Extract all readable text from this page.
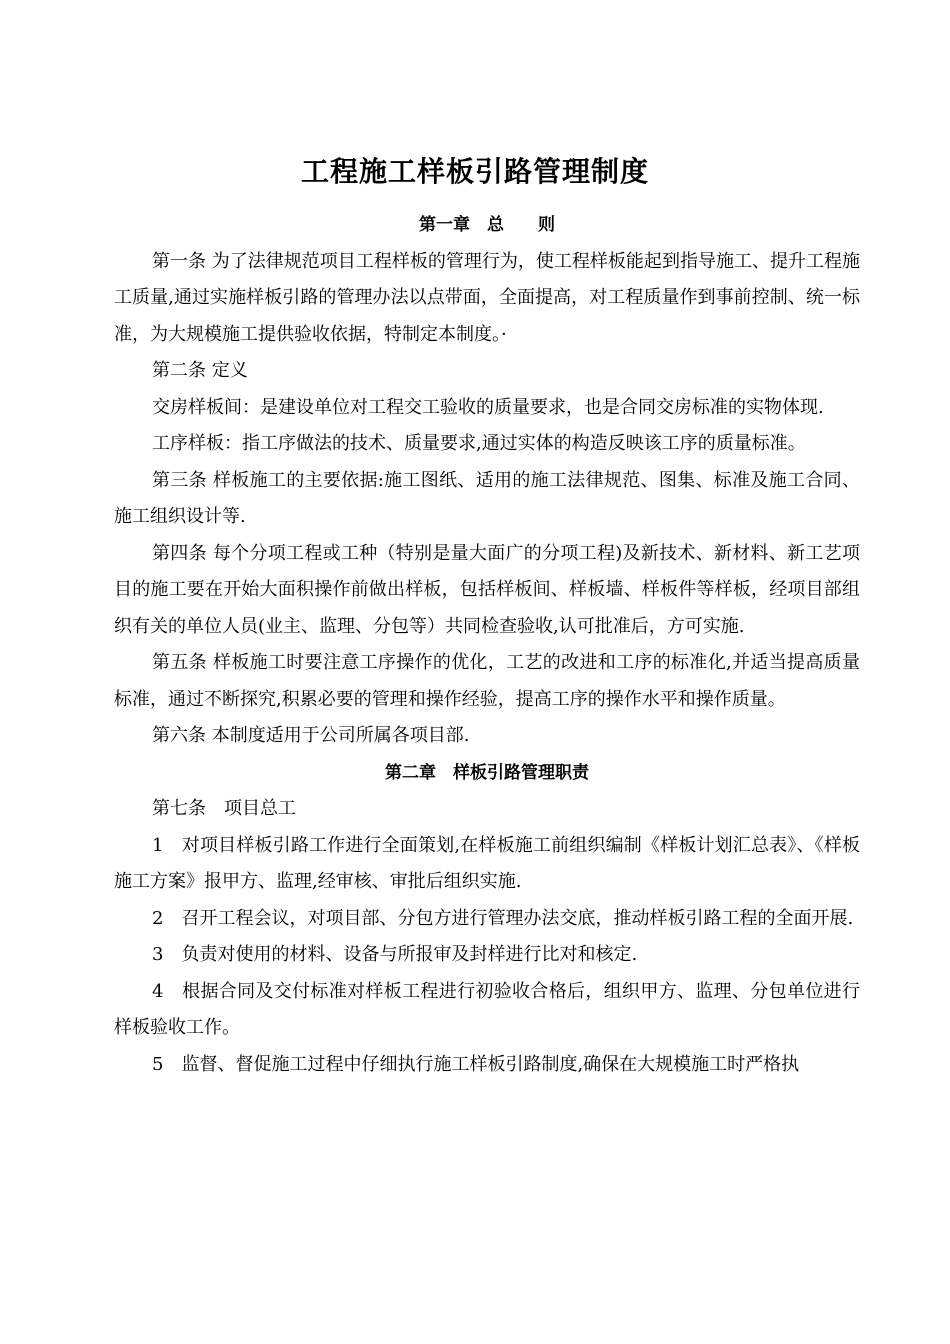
工程施工样板引路管理制度

第一章　总　　则

第一条 为了法律规范项目工程样板的管理行为，使工程样板能起到指导施工、提升工程施工质量,通过实施样板引路的管理办法以点带面，全面提高，对工程质量作到事前控制、统一标准，为大规模施工提供验收依据，特制定本制度。·

第二条 定义

交房样板间：是建设单位对工程交工验收的质量要求，也是合同交房标准的实物体现.

工序样板：指工序做法的技术、质量要求,通过实体的构造反映该工序的质量标准。

第三条 样板施工的主要依据:施工图纸、适用的施工法律规范、图集、标准及施工合同、施工组织设计等.

第四条 每个分项工程或工种（特别是量大面广的分项工程)及新技术、新材料、新工艺项目的施工要在开始大面积操作前做出样板，包括样板间、样板墙、样板件等样板，经项目部组织有关的单位人员(业主、监理、分包等）共同检查验收,认可批准后，方可实施.

第五条 样板施工时要注意工序操作的优化，工艺的改进和工序的标准化,并适当提高质量标准，通过不断探究,积累必要的管理和操作经验，提高工序的操作水平和操作质量。

第六条 本制度适用于公司所属各项目部.

第二章　样板引路管理职责

第七条　项目总工

1　对项目样板引路工作进行全面策划,在样板施工前组织编制《样板计划汇总表》、《样板施工方案》报甲方、监理,经审核、审批后组织实施.

2　召开工程会议，对项目部、分包方进行管理办法交底，推动样板引路工程的全面开展.

3　负责对使用的材料、设备与所报审及封样进行比对和核定.

4　根据合同及交付标准对样板工程进行初验收合格后，组织甲方、监理、分包单位进行样板验收工作。

5　监督、督促施工过程中仔细执行施工样板引路制度,确保在大规模施工时严格执
